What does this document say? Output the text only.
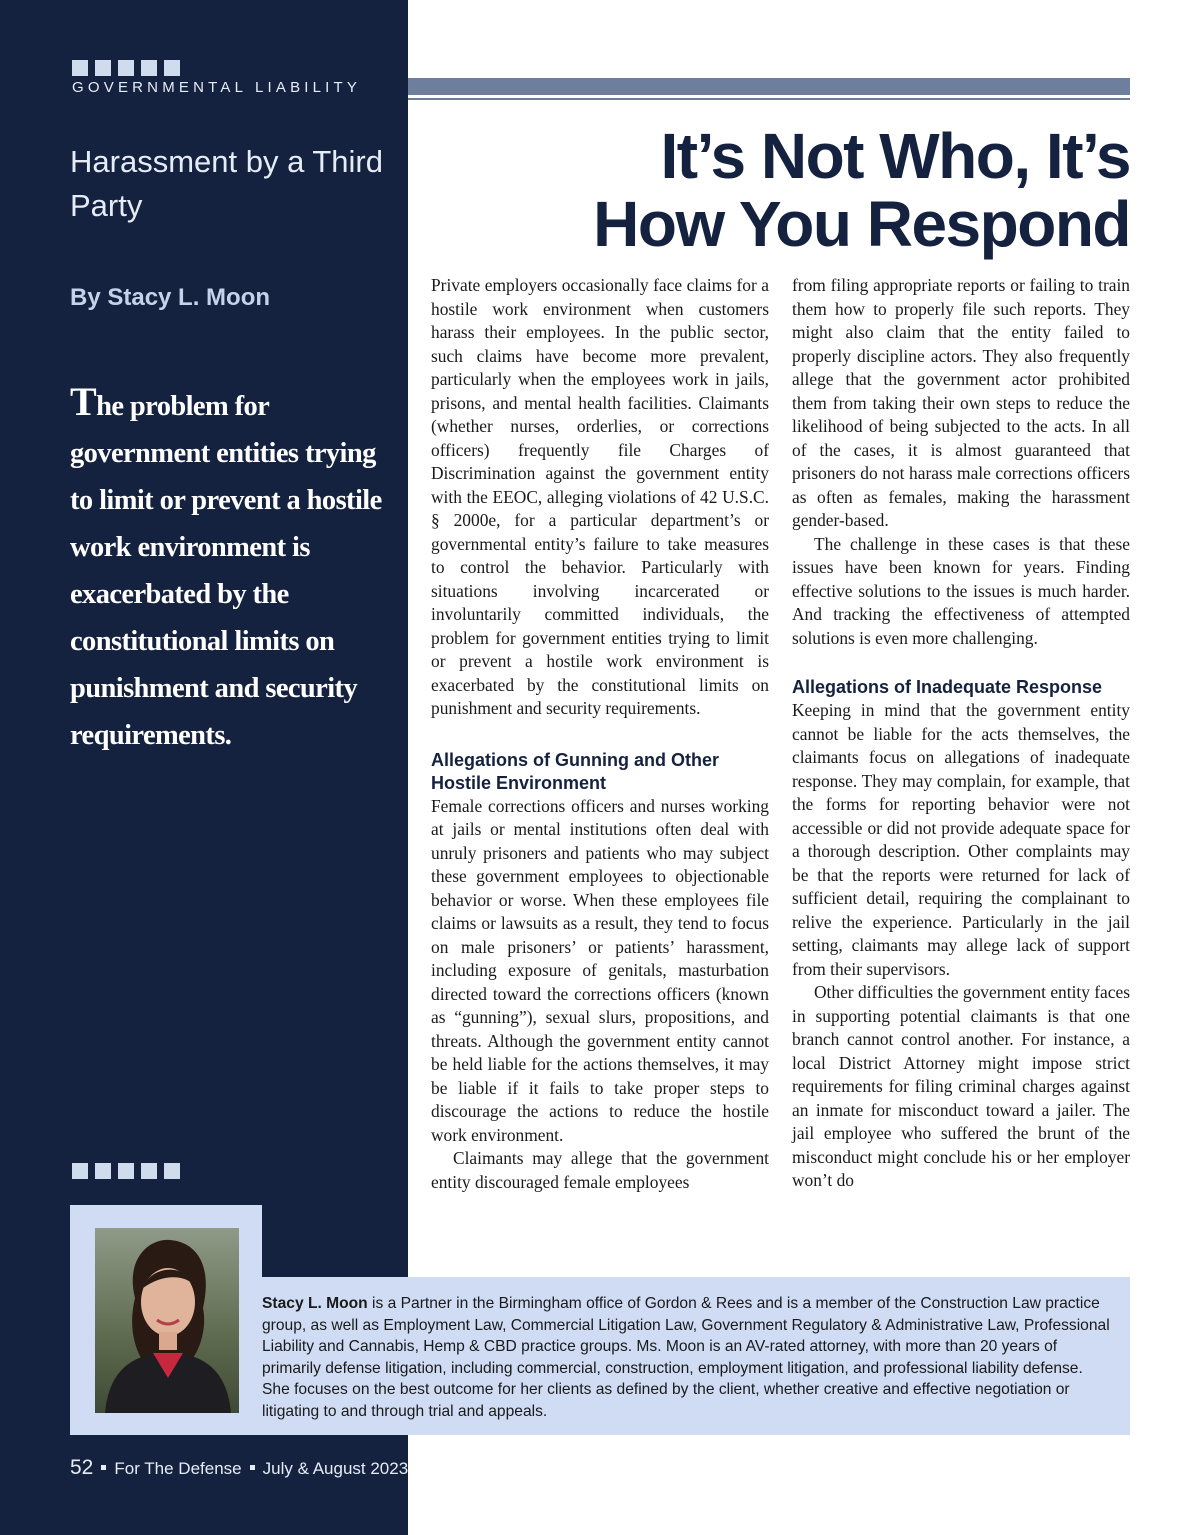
GOVERNMENTAL LIABILITY
Harassment by a Third Party
By Stacy L. Moon
The problem for government entities trying to limit or prevent a hostile work environment is exacerbated by the constitutional limits on punishment and security requirements.
It’s Not Who, It’s
How You Respond

Private employers occasionally face claims for a hostile work environment when customers harass their employees. In the public sector, such claims have become more prevalent, particularly when the employees work in jails, prisons, and mental health facilities. Claimants (whether nurses, orderlies, or corrections officers) frequently file Charges of Discrimination against the government entity with the EEOC, alleging violations of 42 U.S.C. § 2000e, for a particular department’s or governmental entity’s failure to take measures to control the behavior. Particularly with situations involving incarcerated or involuntarily committed individuals, the problem for government entities trying to limit or prevent a hostile work environment is exacerbated by the constitutional limits on punishment and security requirements.

Allegations of Gunning and Other Hostile Environment

Female corrections officers and nurses working at jails or mental institutions often deal with unruly prisoners and patients who may subject these government employees to objectionable behavior or worse. When these employees file claims or lawsuits as a result, they tend to focus on male prisoners’ or patients’ harassment, including exposure of genitals, masturbation directed toward the corrections officers (known as “gunning”), sexual slurs, propositions, and threats. Although the government entity cannot be held liable for the actions themselves, it may be liable if it fails to take proper steps to discourage the actions to reduce the hostile work environment.

Claimants may allege that the government entity discouraged female employees

from filing appropriate reports or failing to train them how to properly file such reports. They might also claim that the entity failed to properly discipline actors. They also frequently allege that the government actor prohibited them from taking their own steps to reduce the likelihood of being subjected to the acts. In all of the cases, it is almost guaranteed that prisoners do not harass male corrections officers as often as females, making the harassment gender-based.

The challenge in these cases is that these issues have been known for years. Finding effective solutions to the issues is much harder. And tracking the effectiveness of attempted solutions is even more challenging.

Allegations of Inadequate Response

Keeping in mind that the government entity cannot be liable for the acts themselves, the claimants focus on allegations of inadequate response. They may complain, for example, that the forms for reporting behavior were not accessible or did not provide adequate space for a thorough description. Other complaints may be that the reports were returned for lack of sufficient detail, requiring the complainant to relive the experience. Particularly in the jail setting, claimants may allege lack of support from their supervisors.

Other difficulties the government entity faces in supporting potential claimants is that one branch cannot control another. For instance, a local District Attorney might impose strict requirements for filing criminal charges against an inmate for misconduct toward a jailer. The jail employee who suffered the brunt of the misconduct might conclude his or her employer won’t do

Stacy L. Moon is a Partner in the Birmingham office of Gordon & Rees and is a member of the Construction Law practice group, as well as Employment Law, Commercial Litigation Law, Government Regulatory & Administrative Law, Professional Liability and Cannabis, Hemp & CBD practice groups. Ms. Moon is an AV-rated attorney, with more than 20 years of primarily defense litigation, including commercial, construction, employment litigation, and professional liability defense. She focuses on the best outcome for her clients as defined by the client, whether creative and effective negotiation or litigating to and through trial and appeals.
52 For The Defense July & August 2023
